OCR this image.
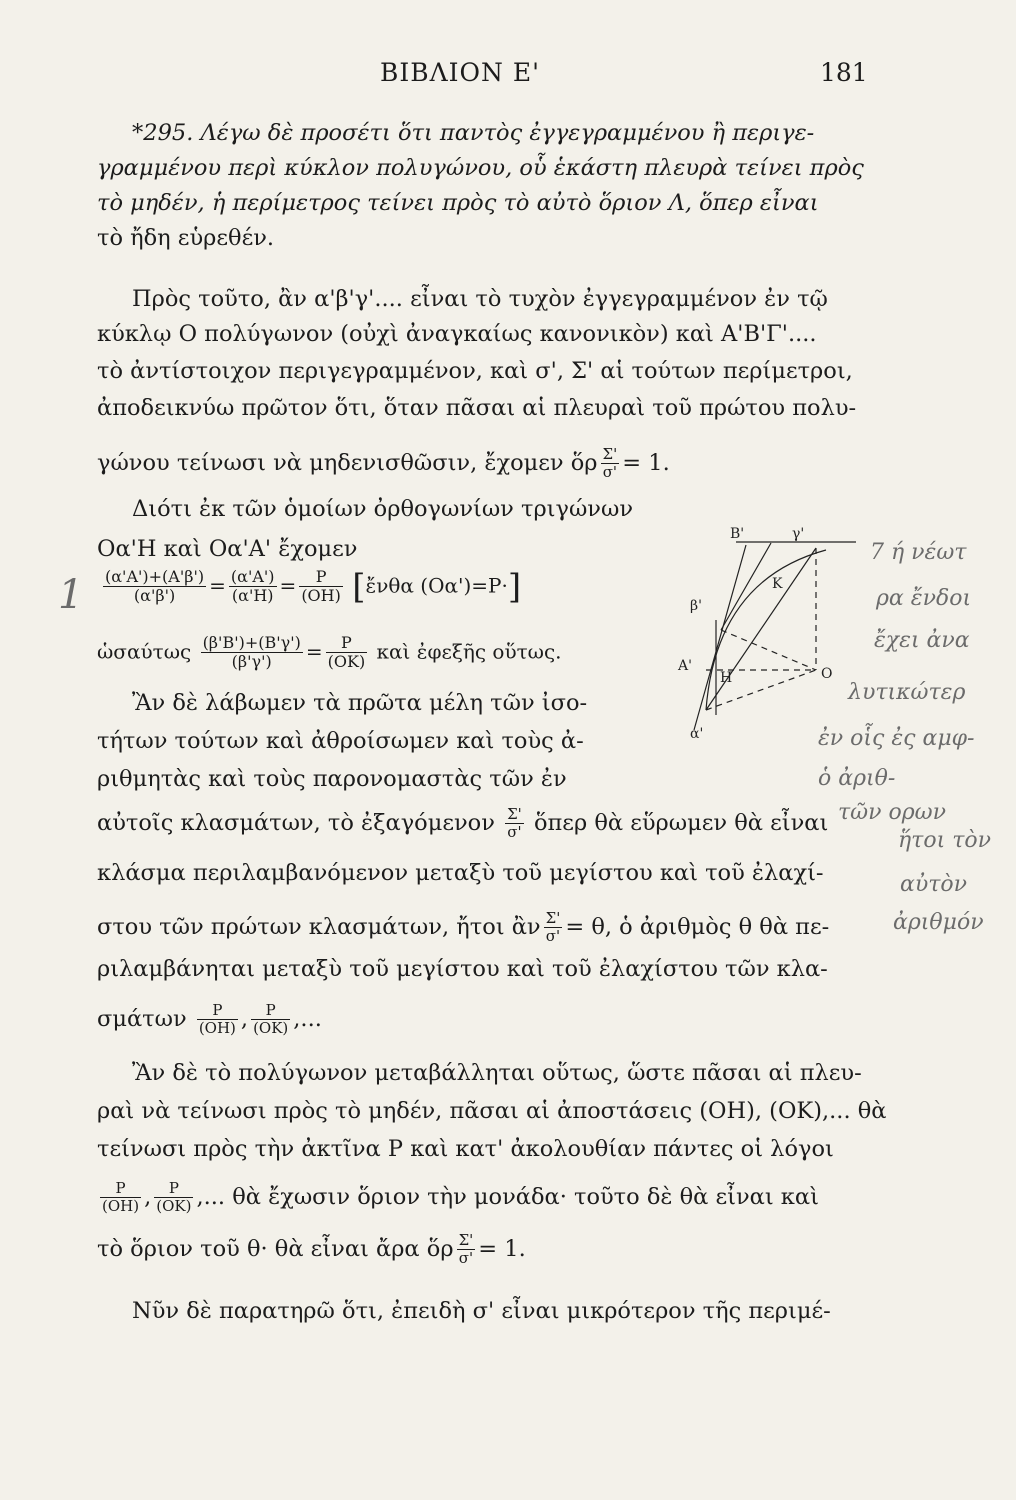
ΒΙΒΛΙΟΝ Ε'	181
*295. Λέγω δὲ προσέτι ὅτι παντὸς ἐγγεγραμμένου ἢ περιγε-
γραμμένου περὶ κύκλον πολυγώνου, οὗ ἑκάστη πλευρὰ τείνει πρὸς
τὸ μηδέν, ἡ περίμετρος τείνει πρὸς τὸ αὐτὸ ὅριον Λ, ὅπερ εἶναι
τὸ ἤδη εὑρεθέν.
Πρὸς τοῦτο, ἂν α'β'γ'.... εἶναι τὸ τυχὸν ἐγγεγραμμένον ἐν τῷ
κύκλῳ Ο πολύγωνον (οὐχὶ ἀναγκαίως κανονικὸν) καὶ Α'Β'Γ'....
τὸ ἀντίστοιχον περιγεγραμμένον, καὶ σ', Σ' αἱ τούτων περίμετροι,
ἀποδεικνύω πρῶτον ὅτι, ὅταν πᾶσαι αἱ πλευραὶ τοῦ πρώτου πολυ-
γώνου τείνωσι νὰ μηδενισθῶσιν, ἔχομεν ὅρ $\frac{\Sigma'}{\sigma'} = 1$.
Διότι ἐκ τῶν ὁμοίων ὀρθογωνίων τριγώνων
Οα'Η καὶ Οα'Α' ἔχομεν
$\frac{(\alpha'A')+(A'\beta')}{(\alpha'\beta')} = \frac{(\alpha'A')}{(\alpha'H)} = \frac{P}{(OH)}$ [ἔνθα (Οα')=Ρ·]
ὡσαύτως $\frac{(\beta'B')+(B'\gamma')}{(\beta'\gamma')} = \frac{P}{(OK)}$ καὶ ἐφεξῆς οὕτως.
Ἂν δὲ λάβωμεν τὰ πρῶτα μέλη τῶν ἰσο-
τήτων τούτων καὶ ἀθροίσωμεν καὶ τοὺς ἀ-
ριθμητὰς καὶ τοὺς παρονομαστὰς τῶν ἐν
αὐτοῖς κλασμάτων, τὸ ἐξαγόμενον $\frac{\Sigma'}{\sigma'}$ ὅπερ θὰ εὕρωμεν θὰ εἶναι
κλάσμα περιλαμβανόμενον μεταξὺ τοῦ μεγίστου καὶ τοῦ ἐλαχί-
στου τῶν πρώτων κλασμάτων, ἤτοι ἂν $\frac{\Sigma'}{\sigma'} = \theta$, ὁ ἀριθμὸς θ θὰ πε-
ριλαμβάνηται μεταξὺ τοῦ μεγίστου καὶ τοῦ ἐλαχίστου τῶν κλα-
σμάτων $\frac{P}{(OH)}$ , $\frac{P}{(OK)}$ ,...
Ἂν δὲ τὸ πολύγωνον μεταβάλληται οὕτως, ὥστε πᾶσαι αἱ πλευ-
ραὶ νὰ τείνωσι πρὸς τὸ μηδέν, πᾶσαι αἱ ἀποστάσεις (ΟΗ), (ΟΚ),... θὰ
τείνωσι πρὸς τὴν ἀκτῖνα Ρ καὶ κατ' ἀκολουθίαν πάντες οἱ λόγοι
$\frac{P}{(OH)}$ , $\frac{P}{(OK)}$ ,... θὰ ἔχωσιν ὅριον τὴν μονάδα· τοῦτο δὲ θὰ εἶναι καὶ
τὸ ὅριον τοῦ θ· θὰ εἶναι ἄρα ὅρ $\frac{\Sigma'}{\sigma'} = 1$.
Νῦν δὲ παρατηρῶ ὅτι, ἐπειδὴ σ' εἶναι μικρότερον τῆς περιμέ-
Β'	γ'
β'
Κ
Α'
Η	Ο
α'
1
7 ή νέωτ
ρα ἔνδοι
ἔχει ἀνα
λυτικώτερ
ἐν οἷς ἐς αμφ-
ὁ ἀριθ-
τῶν ορων
ἥτοι τὸν
αὐτὸν
ἀριθμόν
